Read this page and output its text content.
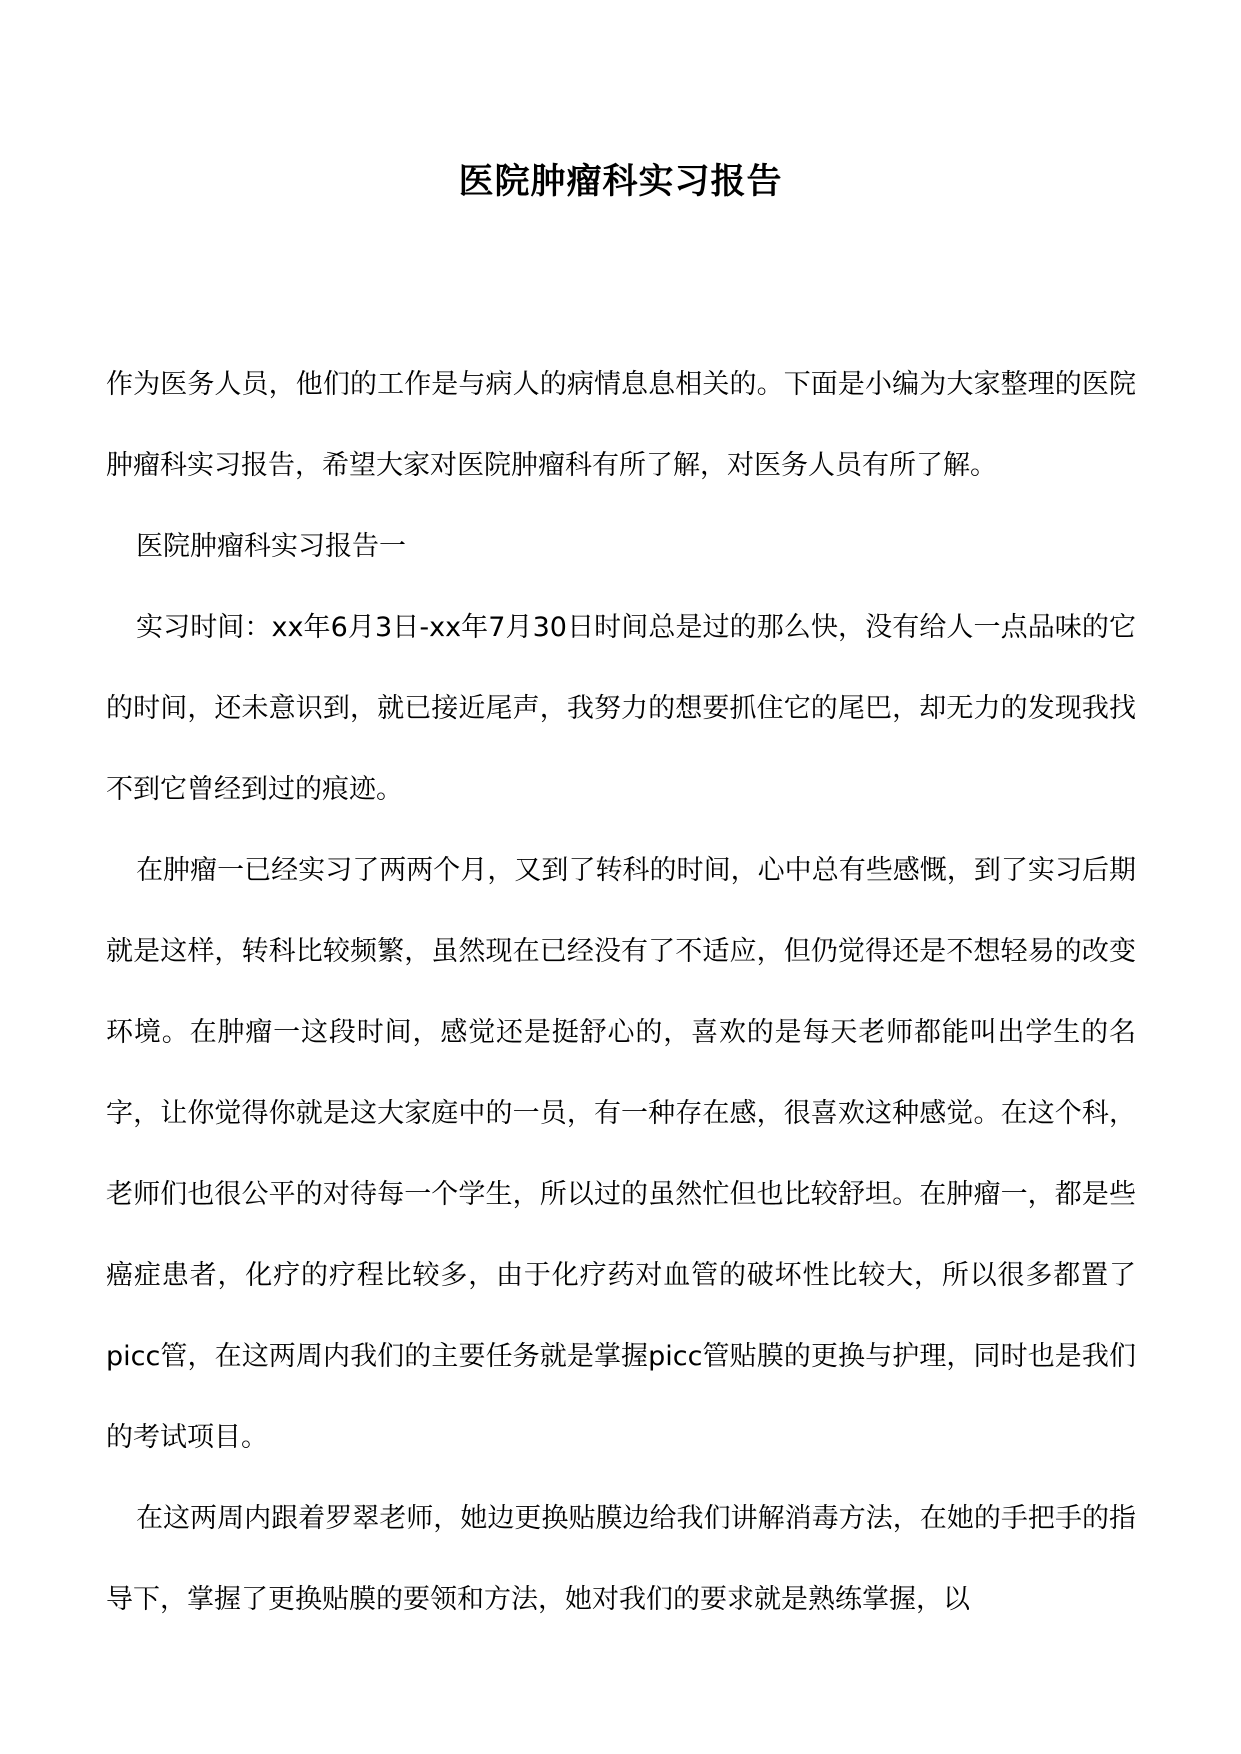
医院肿瘤科实习报告

作为医务人员，他们的工作是与病人的病情息息相关的。下面是小编为大家整理的医院肿瘤科实习报告，希望大家对医院肿瘤科有所了解，对医务人员有所了解。

医院肿瘤科实习报告一

实习时间：xx年6月3日-xx年7月30日时间总是过的那么快，没有给人一点品味的它的时间，还未意识到，就已接近尾声，我努力的想要抓住它的尾巴，却无力的发现我找不到它曾经到过的痕迹。

在肿瘤一已经实习了两两个月，又到了转科的时间，心中总有些感慨，到了实习后期就是这样，转科比较频繁，虽然现在已经没有了不适应，但仍觉得还是不想轻易的改变环境。在肿瘤一这段时间，感觉还是挺舒心的，喜欢的是每天老师都能叫出学生的名字，让你觉得你就是这大家庭中的一员，有一种存在感，很喜欢这种感觉。在这个科，老师们也很公平的对待每一个学生，所以过的虽然忙但也比较舒坦。在肿瘤一，都是些癌症患者，化疗的疗程比较多，由于化疗药对血管的破坏性比较大，所以很多都置了picc管，在这两周内我们的主要任务就是掌握picc管贴膜的更换与护理，同时也是我们的考试项目。

在这两周内跟着罗翠老师，她边更换贴膜边给我们讲解消毒方法，在她的手把手的指导下，掌握了更换贴膜的要领和方法，她对我们的要求就是熟练掌握，以
